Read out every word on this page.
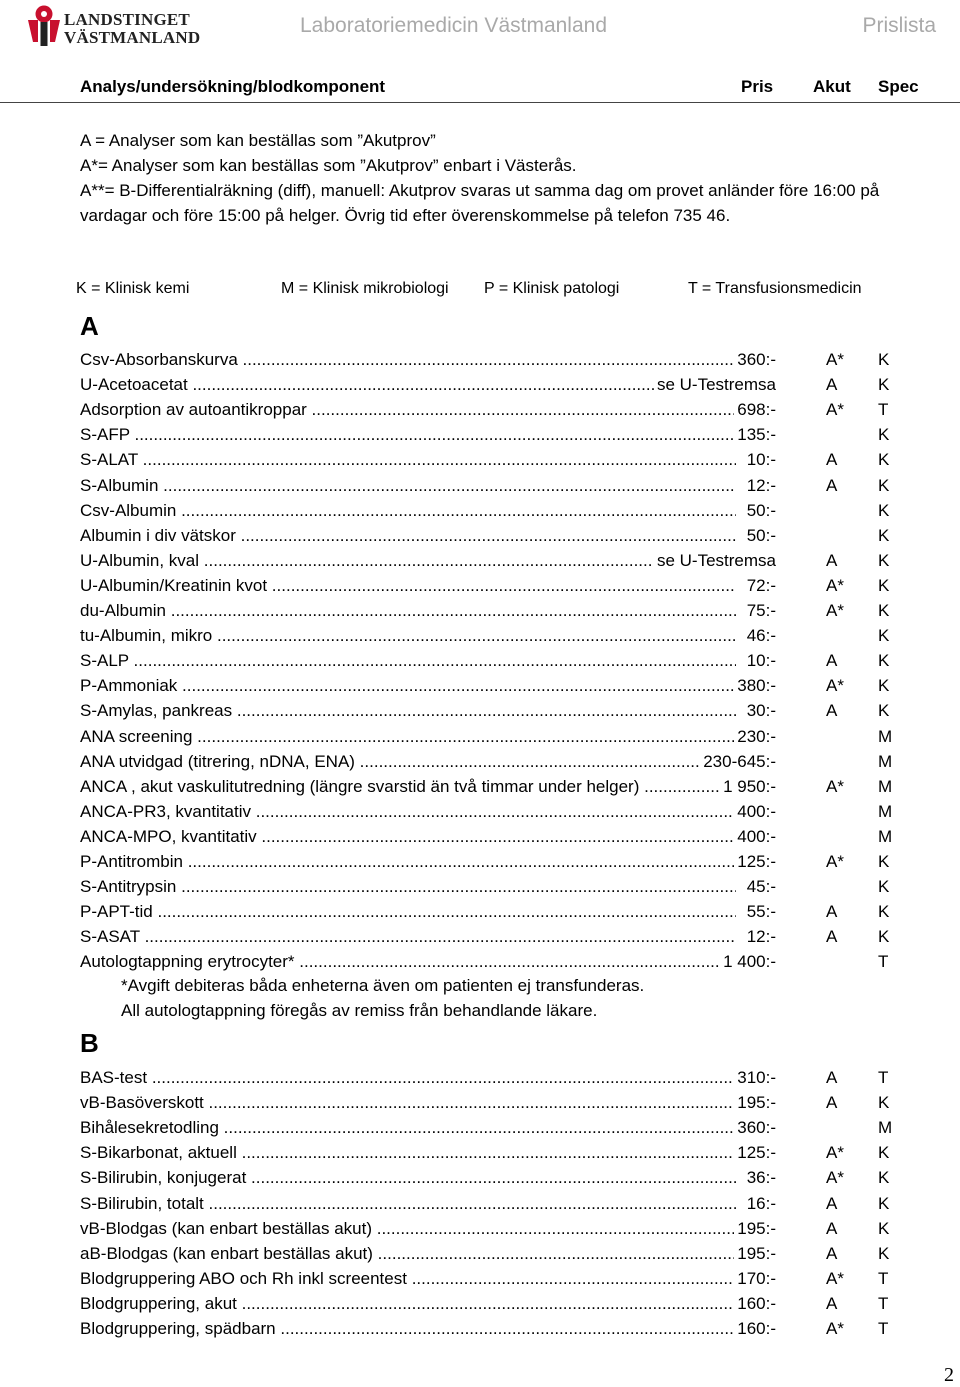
LANDSTINGET
VÄSTMANLAND
Laboratoriemedicin Västmanland	Prislista
Analys/undersökning/blodkomponent	Pris Akut Spec
A = Analyser som kan beställas som ”Akutprov”
A*= Analyser som kan beställas som ”Akutprov” enbart i Västerås.
A**= B-Differentialräkning (diff), manuell: Akutprov svaras ut samma dag om provet anländer före 16:00 på
vardagar och före 15:00 på helger. Övrig tid efter överenskommelse på telefon 735 46.
K = Klinisk kemi	M = Klinisk mikrobiologi P = Klinisk patologi	T = Transfusionsmedicin
A
Csv-Absorbanskurva .....	360:-	A* K
U-Acetoacetat .....	se U-Testremsa	A K
Adsorption av autoantikroppar .....	698:-	A* T
S-AFP .....	135:-	K
S-ALAT .....	10:-	A K
S-Albumin .....	12:-	A K
Csv-Albumin .....	50:-	K
Albumin i div vätskor .....	50:-	K
U-Albumin, kval .....	se U-Testremsa	A K
U-Albumin/Kreatinin kvot .....	72:-	A* K
du-Albumin .....	75:-	A* K
tu-Albumin, mikro .....	46:-	K
S-ALP .....	10:-	A K
P-Ammoniak .....	380:-	A* K
S-Amylas, pankreas .....	30:-	A K
ANA screening .....	230:-	M
ANA utvidgad (titrering, nDNA, ENA) .....	230-645:-	M
ANCA , akut vaskulitutredning (längre svarstid än två timmar under helger) .....	1 950:-	A* M
ANCA-PR3, kvantitativ .....	400:-	M
ANCA-MPO, kvantitativ .....	400:-	M
P-Antitrombin .....	125:-	A* K
S-Antitrypsin .....	45:-	K
P-APT-tid .....	55:-	A K
S-ASAT .....	12:-	A K
Autologtappning erytrocyter* .....	1 400:-	T
*Avgift debiteras båda enheterna även om patienten ej transfunderas.
All autologtappning föregås av remiss från behandlande läkare.
B
BAS-test .....	310:-	A T
vB-Basöverskott .....	195:-	A K
Bihålesekretodling .....	360:-	M
S-Bikarbonat, aktuell .....	125:-	A* K
S-Bilirubin, konjugerat .....	36:-	A* K
S-Bilirubin, totalt .....	16:-	A K
vB-Blodgas (kan enbart beställas akut) .....	195:-	A K
aB-Blodgas (kan enbart beställas akut) .....	195:-	A K
Blodgruppering ABO och Rh inkl screentest .....	170:-	A* T
Blodgruppering, akut .....	160:-	A T
Blodgruppering, spädbarn .....	160:-	A* T
2
